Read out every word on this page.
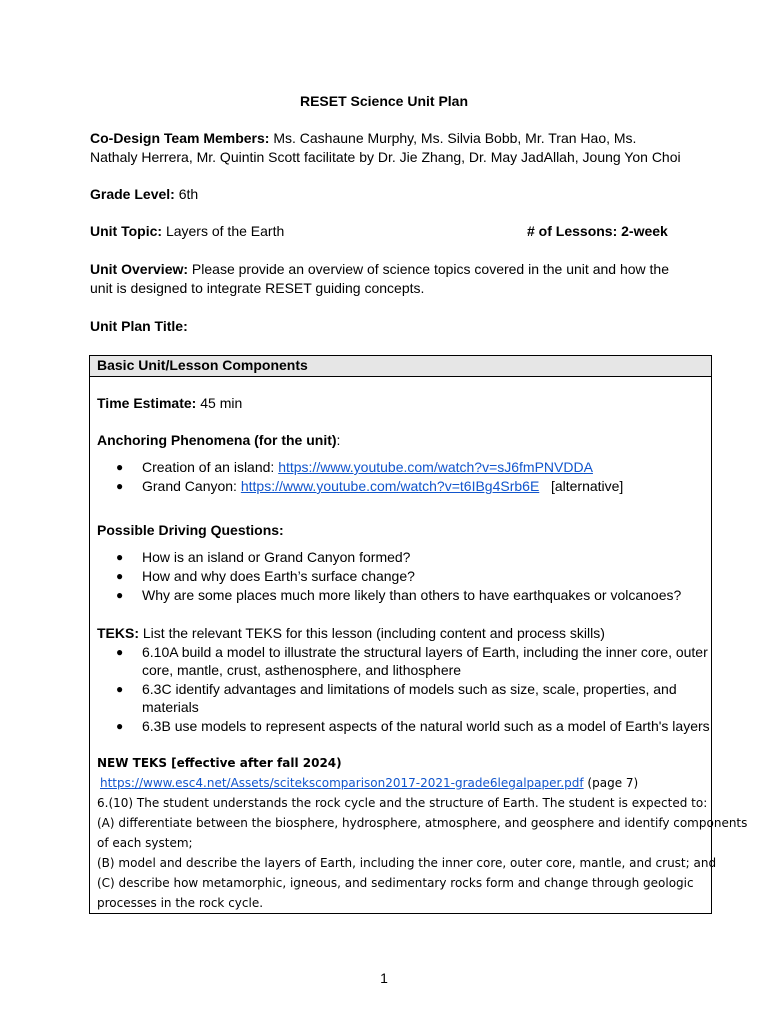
RESET Science Unit Plan
Co-Design Team Members: Ms. Cashaune Murphy, Ms. Silvia Bobb, Mr. Tran Hao, Ms.
Nathaly Herrera, Mr. Quintin Scott facilitate by Dr. Jie Zhang, Dr. May JadAllah, Joung Yon Choi
Grade Level: 6th
Unit Topic: Layers of the Earth	# of Lessons: 2-week
Unit Overview: Please provide an overview of science topics covered in the unit and how the
unit is designed to integrate RESET guiding concepts.
Unit Plan Title:
Basic Unit/Lesson Components
Time Estimate: 45 min
Anchoring Phenomena (for the unit):
● Creation of an island: https://www.youtube.com/watch?v=sJ6fmPNVDDA
● Grand Canyon: https://www.youtube.com/watch?v=t6IBg4Srb6E   [alternative]
Possible Driving Questions:
● How is an island or Grand Canyon formed?
● How and why does Earth’s surface change?
● Why are some places much more likely than others to have earthquakes or volcanoes?
TEKS: List the relevant TEKS for this lesson (including content and process skills)
● 6.10A build a model to illustrate the structural layers of Earth, including the inner core, outer
core, mantle, crust, asthenosphere, and lithosphere
● 6.3C identify advantages and limitations of models such as size, scale, properties, and
materials
● 6.3B use models to represent aspects of the natural world such as a model of Earth's layers
NEW TEKS [effective after fall 2024)
https://www.esc4.net/Assets/scitekscomparison2017-2021-grade6legalpaper.pdf (page 7)
6.(10) The student understands the rock cycle and the structure of Earth. The student is expected to:
(A) differentiate between the biosphere, hydrosphere, atmosphere, and geosphere and identify components
of each system;
(B) model and describe the layers of Earth, including the inner core, outer core, mantle, and crust; and
(C) describe how metamorphic, igneous, and sedimentary rocks form and change through geologic
processes in the rock cycle.
1
